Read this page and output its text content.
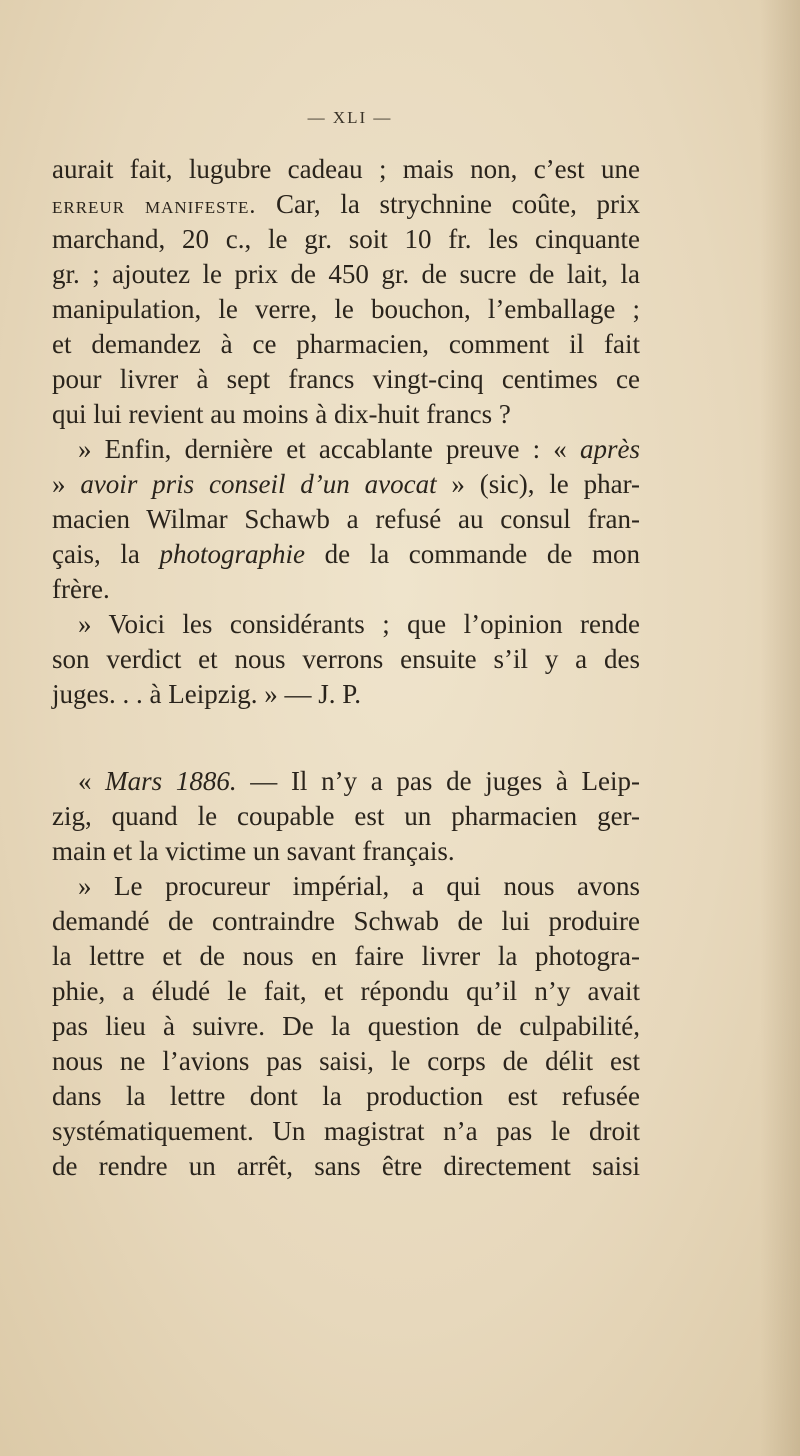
— XLI —
aurait fait, lugubre cadeau ; mais non, c’est une
erreur manifeste. Car, la strychnine coûte, prix
marchand, 20 c., le gr. soit 10 fr. les cinquante
gr. ; ajoutez le prix de 450 gr. de sucre de lait, la
manipulation, le verre, le bouchon, l’emballage ;
et demandez à ce pharmacien, comment il fait
pour livrer à sept francs vingt-cinq centimes ce
qui lui revient au moins à dix-huit francs ?
» Enfin, dernière et accablante preuve : « après
» avoir pris conseil d’un avocat » (sic), le phar-
macien Wilmar Schawb a refusé au consul fran-
çais, la photographie de la commande de mon
frère.
» Voici les considérants ; que l’opinion rende
son verdict et nous verrons ensuite s’il y a des
juges. . . à Leipzig. » — J. P.
« Mars 1886. — Il n’y a pas de juges à Leip-
zig, quand le coupable est un pharmacien ger-
main et la victime un savant français.
» Le procureur impérial, a qui nous avons
demandé de contraindre Schwab de lui produire
la lettre et de nous en faire livrer la photogra-
phie, a éludé le fait, et répondu qu’il n’y avait
pas lieu à suivre. De la question de culpabilité,
nous ne l’avions pas saisi, le corps de délit est
dans la lettre dont la production est refusée
systématiquement. Un magistrat n’a pas le droit
de rendre un arrêt, sans être directement saisi
